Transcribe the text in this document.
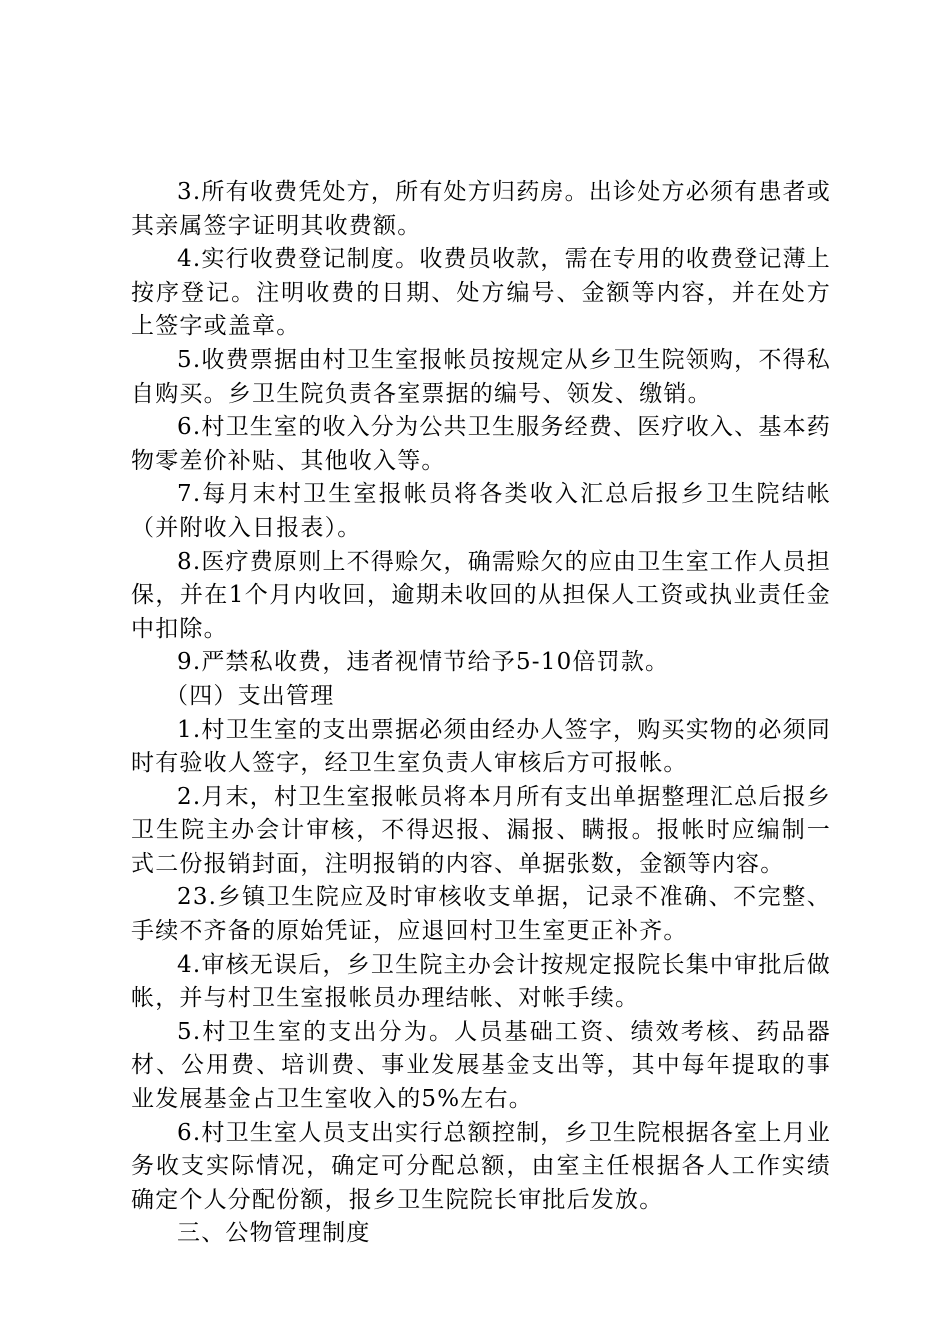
3.所有收费凭处方，所有处方归药房。出诊处方必须有患者或其亲属签字证明其收费额。

4.实行收费登记制度。收费员收款，需在专用的收费登记薄上按序登记。注明收费的日期、处方编号、金额等内容，并在处方上签字或盖章。

5.收费票据由村卫生室报帐员按规定从乡卫生院领购，不得私自购买。乡卫生院负责各室票据的编号、领发、缴销。

6.村卫生室的收入分为公共卫生服务经费、医疗收入、基本药物零差价补贴、其他收入等。

7.每月末村卫生室报帐员将各类收入汇总后报乡卫生院结帐（并附收入日报表）。

8.医疗费原则上不得赊欠，确需赊欠的应由卫生室工作人员担保，并在1个月内收回，逾期未收回的从担保人工资或执业责任金中扣除。

9.严禁私收费，违者视情节给予5-10倍罚款。

（四）支出管理

1.村卫生室的支出票据必须由经办人签字，购买实物的必须同时有验收人签字，经卫生室负责人审核后方可报帐。

2.月末，村卫生室报帐员将本月所有支出单据整理汇总后报乡卫生院主办会计审核，不得迟报、漏报、瞒报。报帐时应编制一式二份报销封面，注明报销的内容、单据张数，金额等内容。

23.乡镇卫生院应及时审核收支单据，记录不准确、不完整、手续不齐备的原始凭证，应退回村卫生室更正补齐。

4.审核无误后，乡卫生院主办会计按规定报院长集中审批后做帐，并与村卫生室报帐员办理结帐、对帐手续。

5.村卫生室的支出分为。人员基础工资、绩效考核、药品器材、公用费、培训费、事业发展基金支出等，其中每年提取的事业发展基金占卫生室收入的5%左右。

6.村卫生室人员支出实行总额控制，乡卫生院根据各室上月业务收支实际情况，确定可分配总额，由室主任根据各人工作实绩确定个人分配份额，报乡卫生院院长审批后发放。

三、公物管理制度
